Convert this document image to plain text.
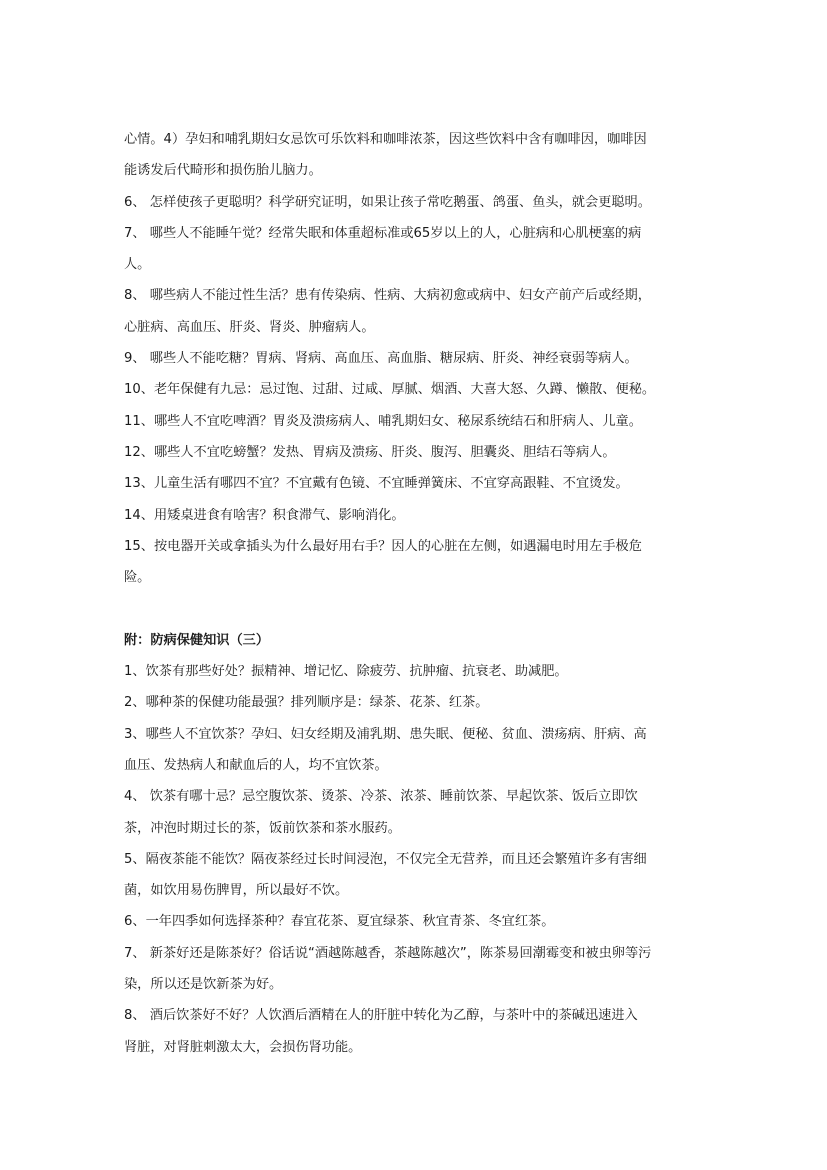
心情。4）孕妇和哺乳期妇女忌饮可乐饮料和咖啡浓茶，因这些饮料中含有咖啡因，咖啡因

能诱发后代畸形和损伤胎儿脑力。

6、 怎样使孩子更聪明？科学研究证明，如果让孩子常吃鹅蛋、鸽蛋、鱼头，就会更聪明。

7、 哪些人不能睡午觉？经常失眠和体重超标准或65岁以上的人，心脏病和心肌梗塞的病

人。

8、 哪些病人不能过性生活？患有传染病、性病、大病初愈或病中、妇女产前产后或经期，

心脏病、高血压、肝炎、肾炎、肿瘤病人。

9、 哪些人不能吃糖？胃病、肾病、高血压、高血脂、糖尿病、肝炎、神经衰弱等病人。

10、老年保健有九忌：忌过饱、过甜、过咸、厚腻、烟酒、大喜大怒、久蹲、懒散、便秘。

11、哪些人不宜吃啤酒？胃炎及溃疡病人、哺乳期妇女、秘尿系统结石和肝病人、儿童。

12、哪些人不宜吃螃蟹？发热、胃病及溃疡、肝炎、腹泻、胆囊炎、胆结石等病人。

13、儿童生活有哪四不宜？不宜戴有色镜、不宜睡弹簧床、不宜穿高跟鞋、不宜烫发。

14、用矮桌进食有啥害？积食滞气、影响消化。

15、按电器开关或拿插头为什么最好用右手？因人的心脏在左侧，如遇漏电时用左手极危

险。

附：防病保健知识（三）

1、饮茶有那些好处？振精神、增记忆、除疲劳、抗肿瘤、抗衰老、助减肥。

2、哪种茶的保健功能最强？排列顺序是：绿茶、花茶、红茶。

3、哪些人不宜饮茶？孕妇、妇女经期及浦乳期、患失眠、便秘、贫血、溃疡病、肝病、高

血压、发热病人和献血后的人，均不宜饮茶。

4、 饮茶有哪十忌？忌空腹饮茶、烫茶、冷茶、浓茶、睡前饮茶、早起饮茶、饭后立即饮

茶，冲泡时期过长的茶，饭前饮茶和茶水服药。

5、隔夜茶能不能饮？隔夜茶经过长时间浸泡，不仅完全无营养，而且还会繁殖许多有害细

菌，如饮用易伤脾胃，所以最好不饮。

6、一年四季如何选择茶种？春宜花茶、夏宜绿茶、秋宜青茶、冬宜红茶。

7、 新茶好还是陈茶好？俗话说“酒越陈越香，茶越陈越次”，陈茶易回潮霉变和被虫卵等污

染，所以还是饮新茶为好。

8、 酒后饮茶好不好？人饮酒后酒精在人的肝脏中转化为乙醇，与茶叶中的茶碱迅速进入

肾脏，对肾脏刺激太大，会损伤肾功能。
